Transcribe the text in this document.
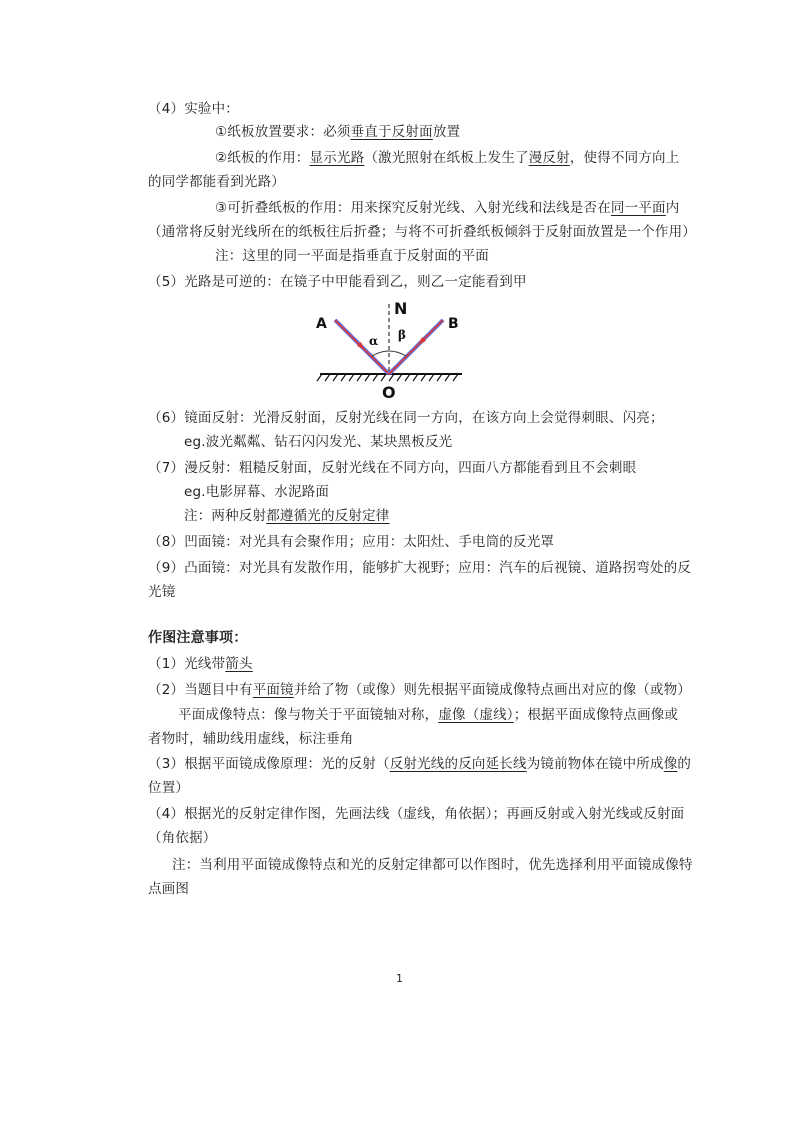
（4）实验中：
①纸板放置要求：必须垂直于反射面放置
②纸板的作用：显示光路（激光照射在纸板上发生了漫反射，使得不同方向上
的同学都能看到光路）
③可折叠纸板的作用：用来探究反射光线、入射光线和法线是否在同一平面内
（通常将反射光线所在的纸板往后折叠；与将不可折叠纸板倾斜于反射面放置是一个作用）
注：这里的同一平面是指垂直于反射面的平面
（5）光路是可逆的：在镜子中甲能看到乙，则乙一定能看到甲
N
A	B
O
α β
（6）镜面反射：光滑反射面，反射光线在同一方向，在该方向上会觉得刺眼、闪亮；
eg.波光粼粼、钻石闪闪发光、某块黑板反光
（7）漫反射：粗糙反射面，反射光线在不同方向，四面八方都能看到且不会刺眼
eg.电影屏幕、水泥路面
注：两种反射都遵循光的反射定律
（8）凹面镜：对光具有会聚作用；应用：太阳灶、手电筒的反光罩
（9）凸面镜：对光具有发散作用，能够扩大视野；应用：汽车的后视镜、道路拐弯处的反
光镜
作图注意事项：
（1）光线带箭头
（2）当题目中有平面镜并给了物（或像）则先根据平面镜成像特点画出对应的像（或物）
平面成像特点：像与物关于平面镜轴对称，虚像（虚线）；根据平面成像特点画像或
者物时，辅助线用虚线，标注垂角
（3）根据平面镜成像原理：光的反射（反射光线的反向延长线为镜前物体在镜中所成像的
位置）
（4）根据光的反射定律作图，先画法线（虚线，角依据）；再画反射或入射光线或反射面
（角依据）
注：当利用平面镜成像特点和光的反射定律都可以作图时，优先选择利用平面镜成像特
点画图
1
